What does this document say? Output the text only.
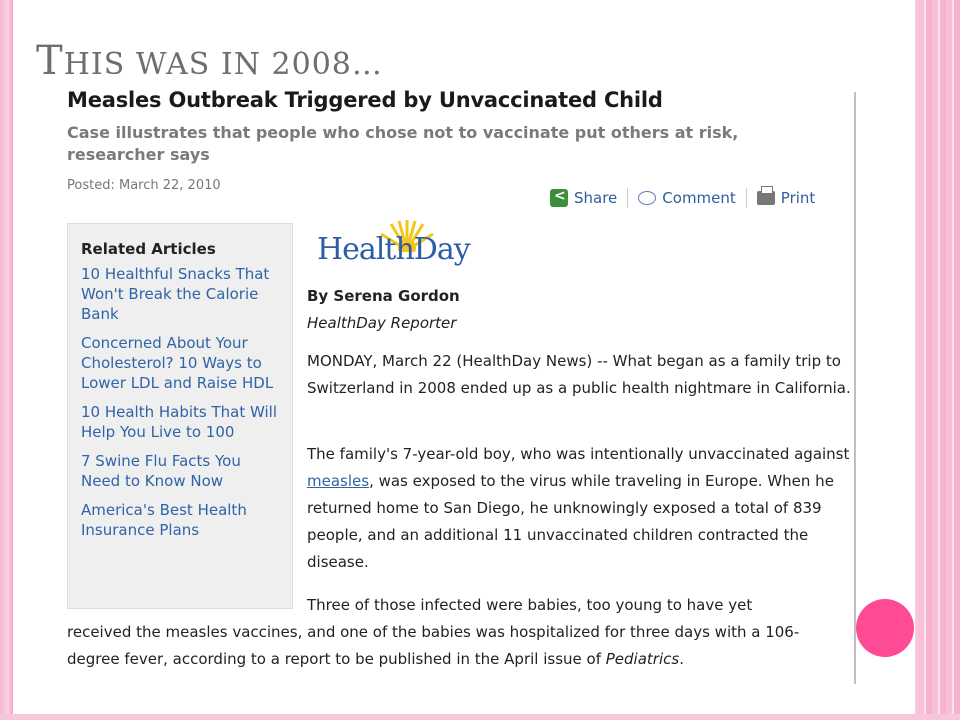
THIS WAS IN 2008…
Measles Outbreak Triggered by Unvaccinated Child
Case illustrates that people who chose not to vaccinate put others at risk, researcher says
Posted: March 22, 2010
<
Share	Comment	Print
Related Articles
10 Healthful Snacks That Won't Break the Calorie Bank
Concerned About Your Cholesterol? 10 Ways to Lower LDL and Raise HDL
10 Health Habits That Will Help You Live to 100
7 Swine Flu Facts You Need to Know Now
America's Best Health Insurance Plans
HealthDay
By Serena Gordon
HealthDay Reporter
MONDAY, March 22 (HealthDay News) -- What began as a family trip to Switzerland in 2008 ended up as a public health nightmare in California.
The family's 7-year-old boy, who was intentionally unvaccinated against measles, was exposed to the virus while traveling in Europe. When he returned home to San Diego, he unknowingly exposed a total of 839 people, and an additional 11 unvaccinated children contracted the disease.
Three of those infected were babies, too young to have yet
received the measles vaccines, and one of the babies was hospitalized for three days with a 106-degree fever, according to a report to be published in the April issue of Pediatrics.
